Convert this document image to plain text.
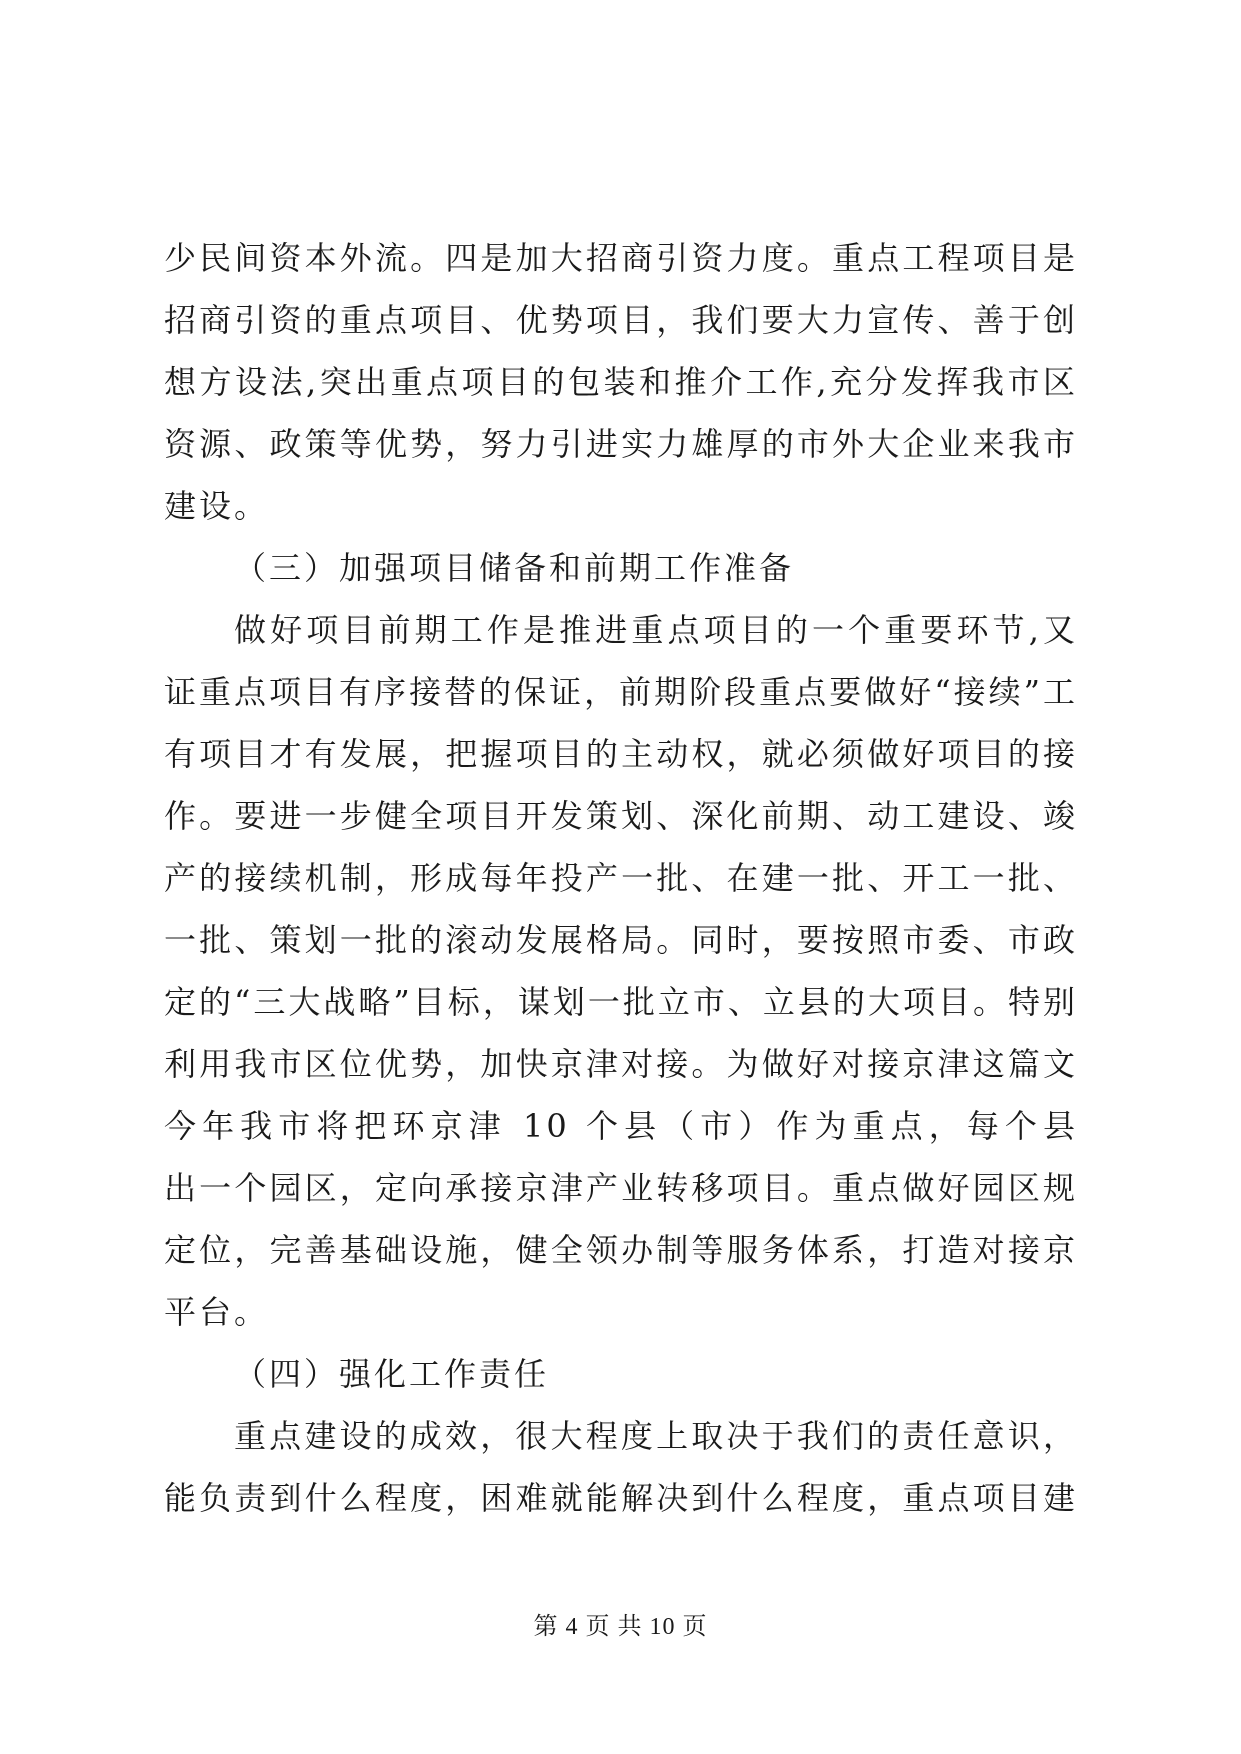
少民间资本外流。四是加大招商引资力度。重点工程项目是
招商引资的重点项目、优势项目，我们要大力宣传、善于创
想方设法,突出重点项目的包装和推介工作,充分发挥我市区
资源、政策等优势，努力引进实力雄厚的市外大企业来我市
建设。
（三）加强项目储备和前期工作准备
做好项目前期工作是推进重点项目的一个重要环节,又
证重点项目有序接替的保证，前期阶段重点要做好“接续”工
有项目才有发展，把握项目的主动权，就必须做好项目的接
作。要进一步健全项目开发策划、深化前期、动工建设、竣
产的接续机制，形成每年投产一批、在建一批、开工一批、
一批、策划一批的滚动发展格局。同时，要按照市委、市政
定的“三大战略”目标，谋划一批立市、立县的大项目。特别
利用我市区位优势，加快京津对接。为做好对接京津这篇文
今年我市将把环京津 10 个县（市）作为重点，每个县
出一个园区，定向承接京津产业转移项目。重点做好园区规
定位，完善基础设施，健全领办制等服务体系，打造对接京
平台。
（四）强化工作责任
重点建设的成效，很大程度上取决于我们的责任意识，
能负责到什么程度，困难就能解决到什么程度，重点项目建
第 4 页 共 10 页
